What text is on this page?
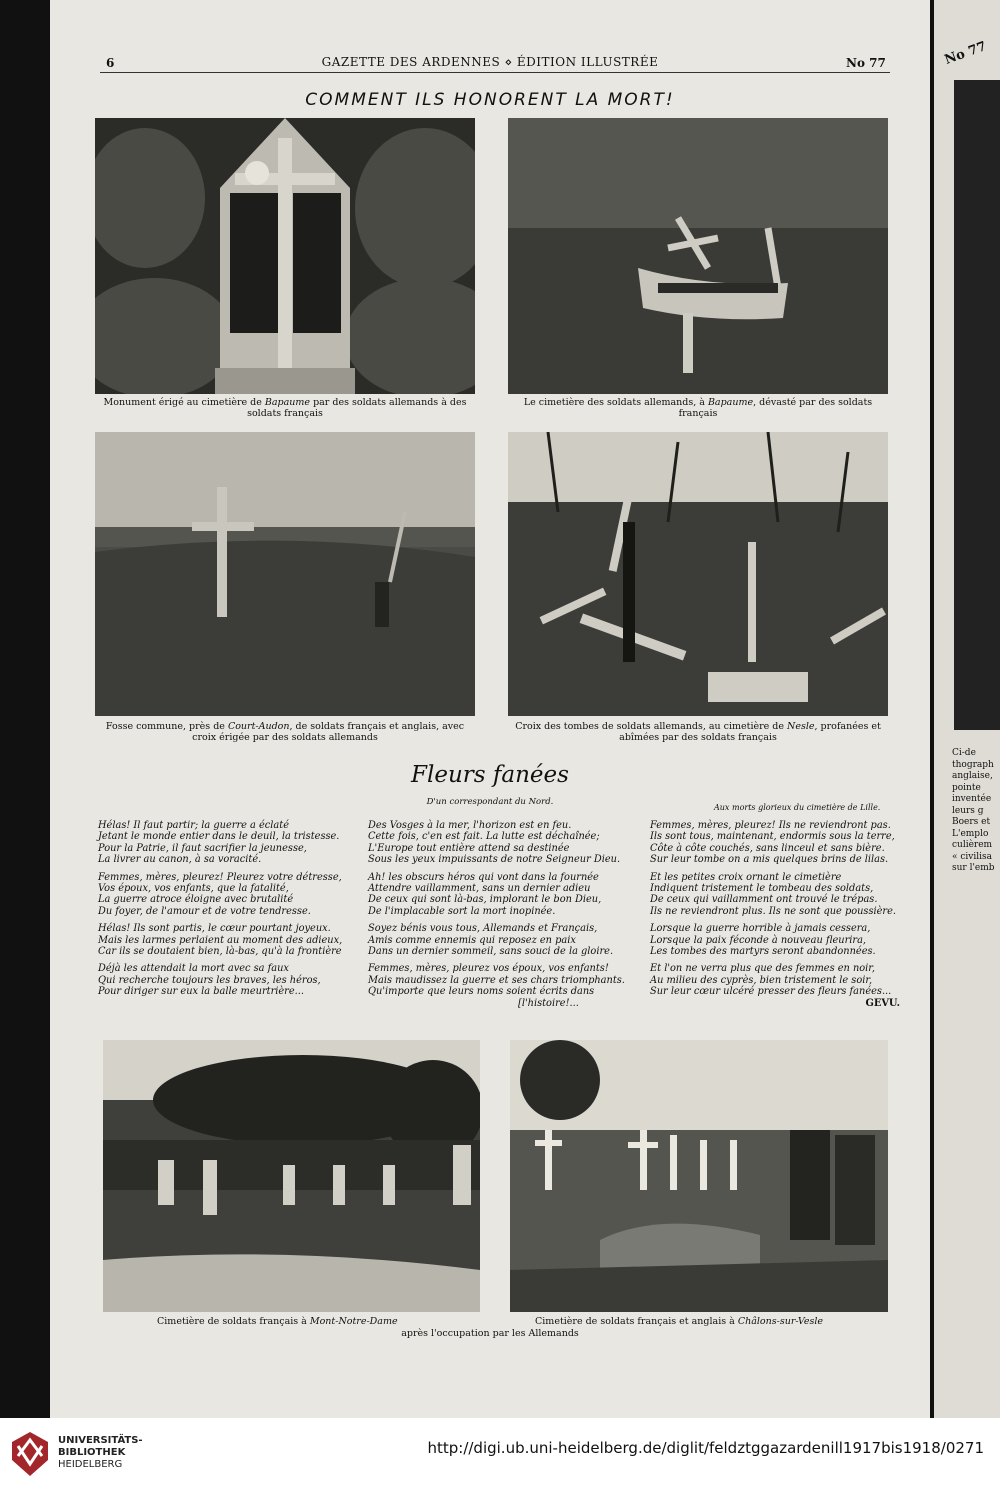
6	GAZETTE DES ARDENNES ⋄ ÉDITION ILLUSTRÉE	No 77
COMMENT ILS HONORENT LA MORT!
Monument érigé au cimetière de Bapaume par des soldats allemands à des soldats français
Le cimetière des soldats allemands, à Bapaume, dévasté par des soldats français
Fosse commune, près de Court-Audon, de soldats français et anglais, avec croix érigée par des soldats allemands
Croix des tombes de soldats allemands, au cimetière de Nesle, profanées et abîmées par des soldats français
Fleurs fanées
D'un correspondant du Nord.
Aux morts glorieux du cimetière de Lille.
Hélas! Il faut partir; la guerre a éclaté
Jetant le monde entier dans le deuil, la tristesse.
Pour la Patrie, il faut sacrifier la jeunesse,
La livrer au canon, à sa voracité.
Femmes, mères, pleurez! Pleurez votre détresse,
Vos époux, vos enfants, que la fatalité,
La guerre atroce éloigne avec brutalité
Du foyer, de l'amour et de votre tendresse.
Hélas! Ils sont partis, le cœur pourtant joyeux.
Mais les larmes perlaient au moment des adieux,
Car ils se doutaient bien, là-bas, qu'à la frontière
Déjà les attendait la mort avec sa faux
Qui recherche toujours les braves, les héros,
Pour diriger sur eux la balle meurtrière...
Des Vosges à la mer, l'horizon est en feu.
Cette fois, c'en est fait. La lutte est déchaînée;
L'Europe tout entière attend sa destinée
Sous les yeux impuissants de notre Seigneur Dieu.
Ah! les obscurs héros qui vont dans la fournée
Attendre vaillamment, sans un dernier adieu
De ceux qui sont là-bas, implorant le bon Dieu,
De l'implacable sort la mort inopinée.
Soyez bénis vous tous, Allemands et Français,
Amis comme ennemis qui reposez en paix
Dans un dernier sommeil, sans souci de la gloire.
Femmes, mères, pleurez vos époux, vos enfants!
Mais maudissez la guerre et ses chars triomphants.
Qu'importe que leurs noms soient écrits dans
[l'histoire!...
Femmes, mères, pleurez! Ils ne reviendront pas.
Ils sont tous, maintenant, endormis sous la terre,
Côte à côte couchés, sans linceul et sans bière.
Sur leur tombe on a mis quelques brins de lilas.
Et les petites croix ornant le cimetière
Indiquent tristement le tombeau des soldats,
De ceux qui vaillamment ont trouvé le trépas.
Ils ne reviendront plus. Ils ne sont que poussière.
Lorsque la guerre horrible à jamais cessera,
Lorsque la paix féconde à nouveau fleurira,
Les tombes des martyrs seront abandonnées.
Et l'on ne verra plus que des femmes en noir,
Au milieu des cyprès, bien tristement le soir,
Sur leur cœur ulcéré presser des fleurs fanées...
GEVU.
Cimetière de soldats français à Mont-Notre-Dame	Cimetière de soldats français et anglais à Châlons-sur-Vesle
après l'occupation par les Allemands
No 77
Ci-de
thograph
anglaise,
pointe
inventée
leurs g
Boers et
L'emplo
culièrem
« civilisa
sur l'emb
UNIVERSITÄTS-
BIBLIOTHEK
HEIDELBERG
http://digi.ub.uni-heidelberg.de/diglit/feldztggazardenill1917bis1918/0271
